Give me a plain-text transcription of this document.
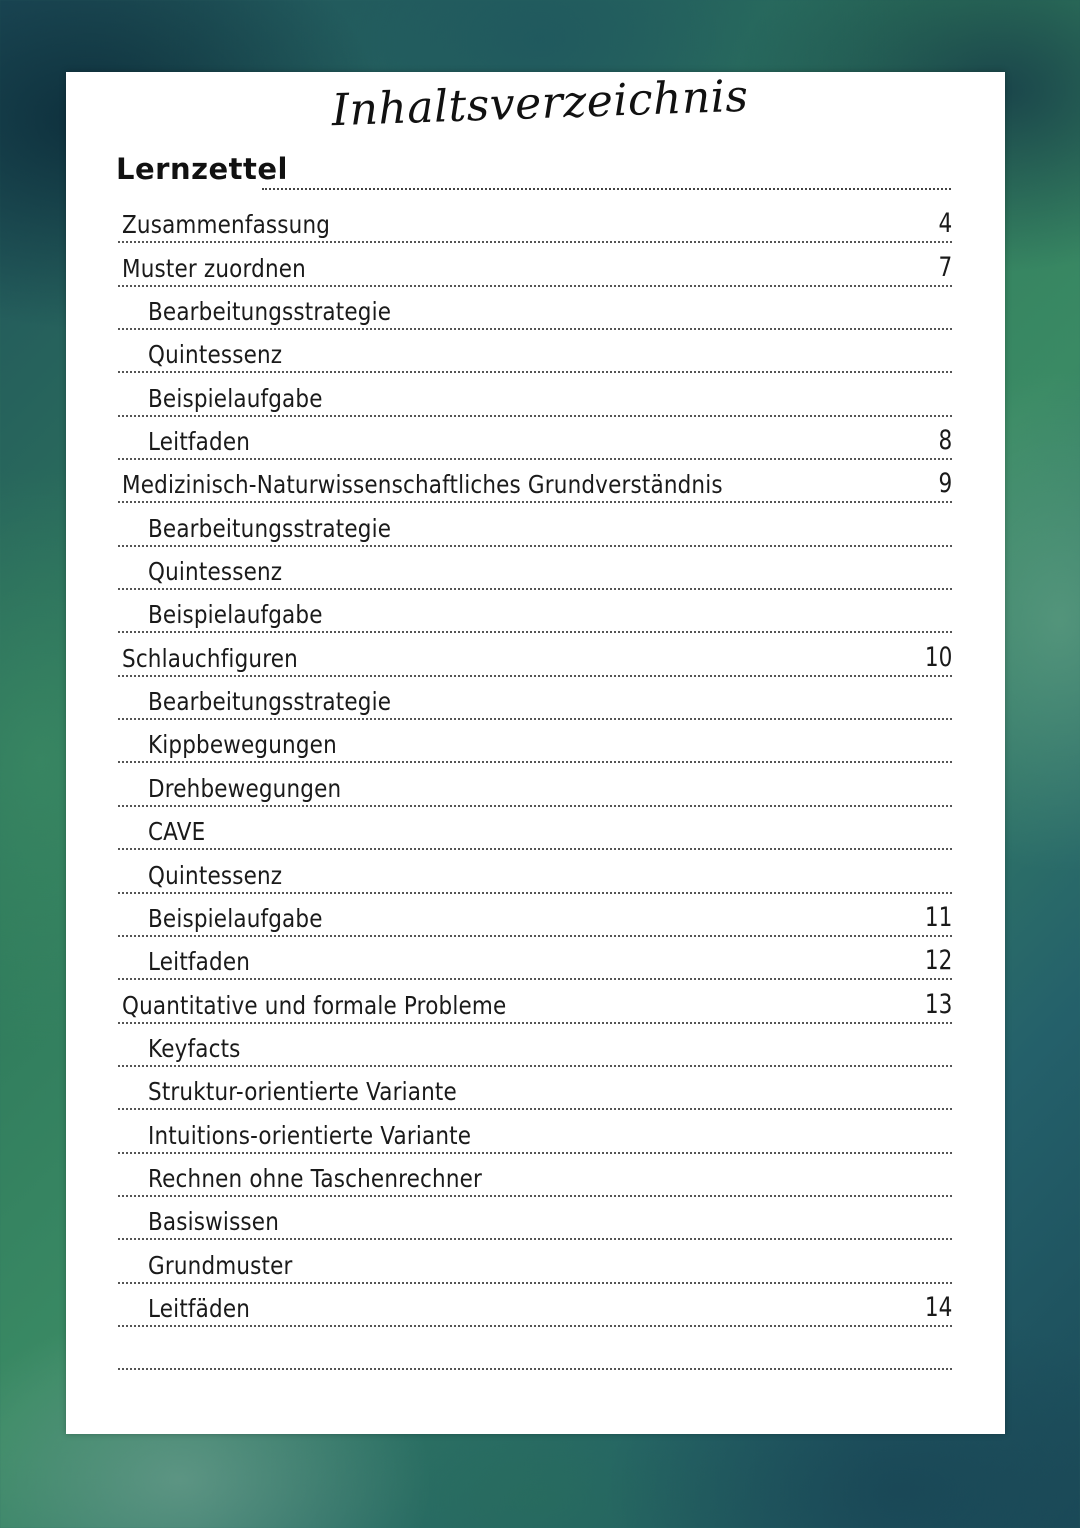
Inhaltsverzeichnis
Lernzettel
Zusammenfassung	4
Muster zuordnen	7
Bearbeitungsstrategie
Quintessenz
Beispielaufgabe
Leitfaden	8
Medizinisch-Naturwissenschaftliches Grundverständnis	9
Bearbeitungsstrategie
Quintessenz
Beispielaufgabe
Schlauchfiguren	10
Bearbeitungsstrategie
Kippbewegungen
Drehbewegungen
CAVE
Quintessenz
Beispielaufgabe	11
Leitfaden	12
Quantitative und formale Probleme	13
Keyfacts
Struktur-orientierte Variante
Intuitions-orientierte Variante
Rechnen ohne Taschenrechner
Basiswissen
Grundmuster
Leitfäden	14
